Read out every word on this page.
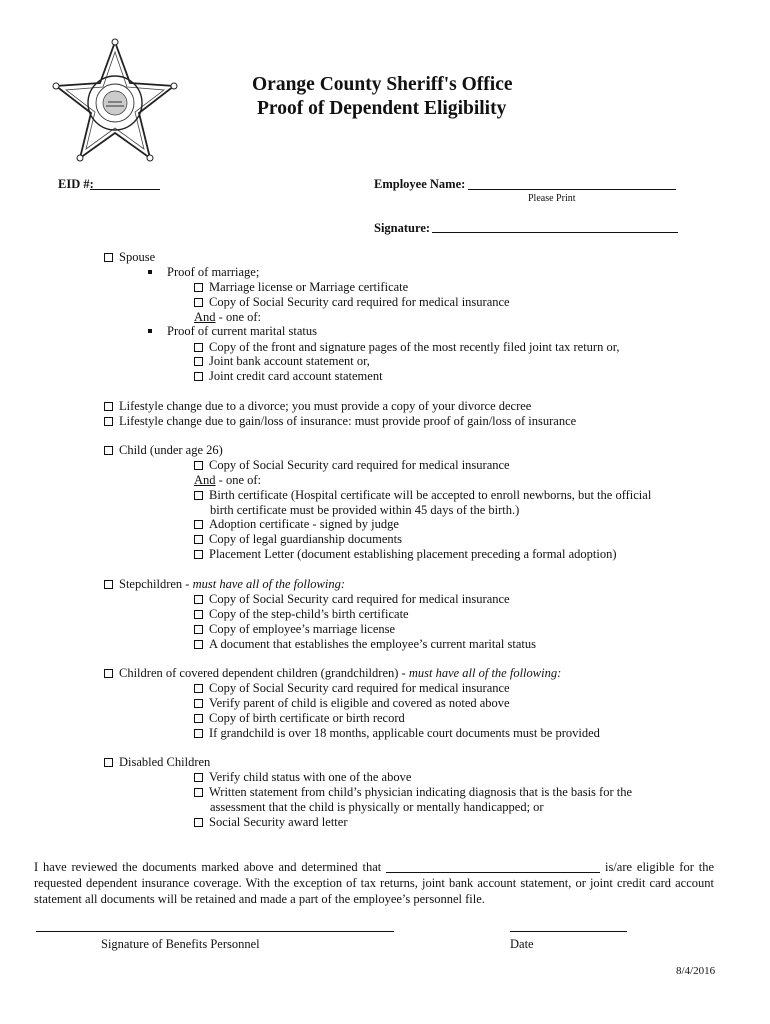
Orange County Sheriff's Office
Proof of Dependent Eligibility
EID #:	Employee Name:
Please Print
Signature:
Spouse
Proof of marriage;
Marriage license or Marriage certificate
Copy of Social Security card required for medical insurance
And - one of:
Proof of current marital status
Copy of the front and signature pages of the most recently filed joint tax return or,
Joint bank account statement or,
Joint credit card account statement
Lifestyle change due to a divorce; you must provide a copy of your divorce decree
Lifestyle change due to gain/loss of insurance: must provide proof of gain/loss of insurance
Child (under age 26)
Copy of Social Security card required for medical insurance
And - one of:
Birth certificate (Hospital certificate will be accepted to enroll newborns, but the official
birth certificate must be provided within 45 days of the birth.)
Adoption certificate - signed by judge
Copy of legal guardianship documents
Placement Letter (document establishing placement preceding a formal adoption)
Stepchildren - must have all of the following:
Copy of Social Security card required for medical insurance
Copy of the step-child’s birth certificate
Copy of employee’s marriage license
A document that establishes the employee’s current marital status
Children of covered dependent children (grandchildren) - must have all of the following:
Copy of Social Security card required for medical insurance
Verify parent of child is eligible and covered as noted above
Copy of birth certificate or birth record
If grandchild is over 18 months, applicable court documents must be provided
Disabled Children
Verify child status with one of the above
Written statement from child’s physician indicating diagnosis that is the basis for the
assessment that the child is physically or mentally handicapped; or
Social Security award letter
I have reviewed the documents marked above and determined that	is/are eligible for the requested dependent insurance coverage. With the exception of tax returns, joint bank account statement, or joint credit card account statement all documents will be retained and made a part of the employee’s personnel file.
Signature of Benefits Personnel	Date
8/4/2016
